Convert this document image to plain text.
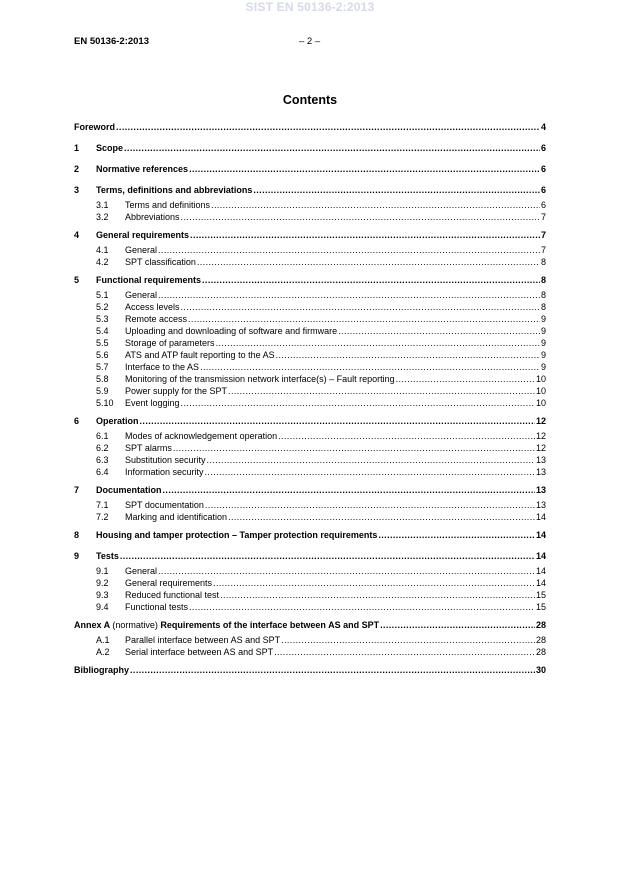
SIST EN 50136-2:2013
EN 50136-2:2013	– 2 –
Contents
Foreword .....	4
1	Scope .....	6
2	Normative references .....	6
3	Terms, definitions and abbreviations .....	6
3.1	Terms and definitions .....	6
3.2	Abbreviations .....	7
4	General requirements .....	7
4.1	General .....	7
4.2	SPT classification .....	8
5	Functional requirements .....	8
5.1	General .....	8
5.2	Access levels .....	8
5.3	Remote access .....	9
5.4	Uploading and downloading of software and firmware .....	9
5.5	Storage of parameters .....	9
5.6	ATS and ATP fault reporting to the AS .....	9
5.7	Interface to the AS .....	9
5.8	Monitoring of the transmission network interface(s) – Fault reporting .....	10
5.9	Power supply for the SPT .....	10
5.10	Event logging .....	10
6	Operation .....	12
6.1	Modes of acknowledgement operation .....	12
6.2	SPT alarms .....	12
6.3	Substitution security .....	13
6.4	Information security .....	13
7	Documentation .....	13
7.1	SPT documentation .....	13
7.2	Marking and identification .....	14
8	Housing and tamper protection – Tamper protection requirements .....	14
9	Tests .....	14
9.1	General .....	14
9.2	General requirements .....	14
9.3	Reduced functional test .....	15
9.4	Functional tests .....	15
Annex A (normative) Requirements of the interface between AS and SPT .....	28
A.1	Parallel interface between AS and SPT .....	28
A.2	Serial interface between AS and SPT .....	28
Bibliography .....	30
